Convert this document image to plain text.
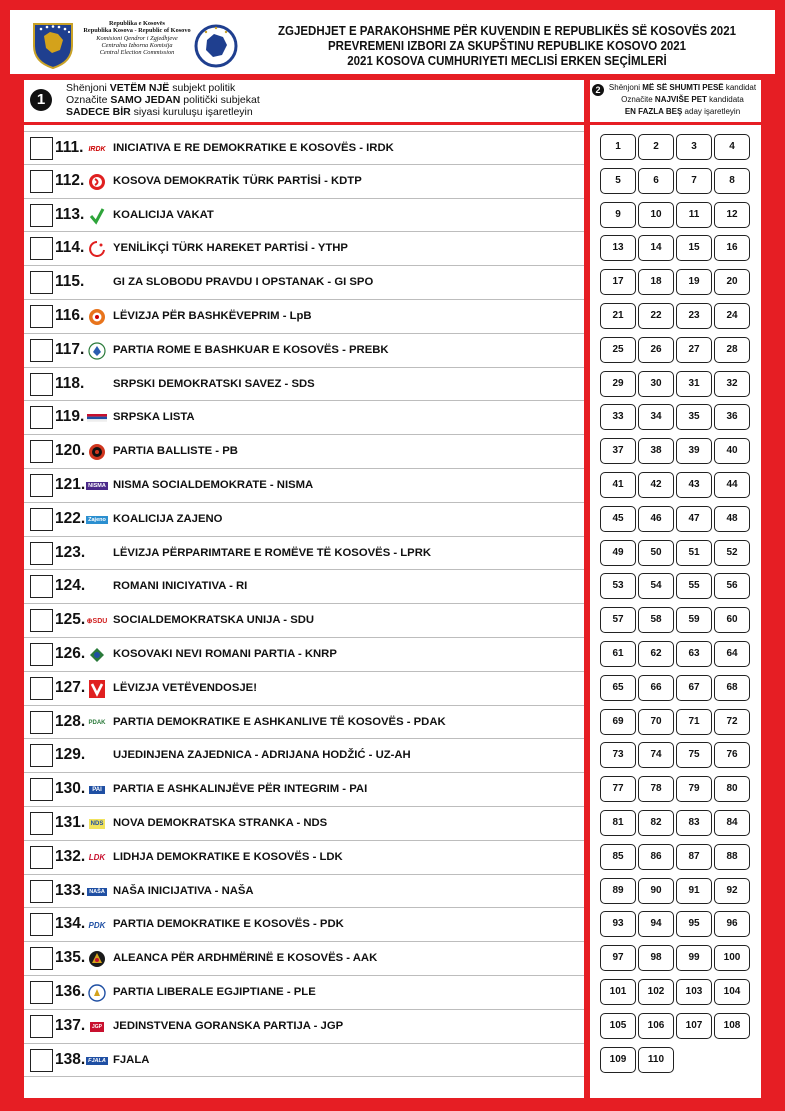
Republika e Kosovës
Republika Kosova - Republic of Kosovo
Komisioni Qendror i Zgjedhjeve
Centralna Izborna Komisija
Central Election Commission
ZGJEDHJET E PARAKOHSHME PËR KUVENDIN E REPUBLIKËS SË KOSOVËS 2021
PREVREMENI IZBORI ZA SKUPŠTINU REPUBLIKE KOSOVO 2021
2021 KOSOVA CUMHURIYETI MECLISİ ERKEN SEÇİMLERİ
1
Shënjoni VETËM NJË subjekt politik
Označite SAMO JEDAN politički subjekat
SADECE BİR siyasi kuruluşu işaretleyin
2	Shënjoni MË SË SHUMTI PESË kandidat
Označite NAJVIŠE PET kandidata
EN FAZLA BEŞ aday işaretleyin
111. IRDK INICIATIVA E RE DEMOKRATIKE E KOSOVËS - IRDK
112.	KOSOVA DEMOKRATİK TÜRK PARTİSİ - KDTP
113.	KOALICIJA VAKAT
114.	YENİLİKÇİ TÜRK HAREKET PARTİSİ - YTHP
115.	GI ZA SLOBODU PRAVDU I OPSTANAK - GI SPO
116.	LËVIZJA PËR BASHKËVEPRIM - LpB
117.	PARTIA ROME E BASHKUAR E KOSOVËS - PREBK
118.	SRPSKI DEMOKRATSKI SAVEZ - SDS
119.	SRPSKA LISTA
120.	PARTIA BALLISTE - PB
121. NISMA NISMA SOCIALDEMOKRATE - NISMA
122. Zajeno KOALICIJA ZAJENO
123.	LËVIZJA PËRPARIMTARE E ROMËVE TË KOSOVËS - LPRK
124.	ROMANI INICIYATIVA - RI
125. ⊕SDU SOCIALDEMOKRATSKA UNIJA - SDU
126.	KOSOVAKI NEVI ROMANI PARTIA - KNRP
127.	LËVIZJA VETËVENDOSJE!
128. PDAK PARTIA DEMOKRATIKE E ASHKANLIVE TË KOSOVËS - PDAK
129.	UJEDINJENA ZAJEDNICA - ADRIJANA HODŽIĆ - UZ-AH
130.	PAI PARTIA E ASHKALINJËVE PËR INTEGRIM - PAI
131. NDS NOVA DEMOKRATSKA STRANKA - NDS
132. LDK LIDHJA DEMOKRATIKE E KOSOVËS - LDK
133. NAŠA NAŠA INICIJATIVA - NAŠA
134. PDK PARTIA DEMOKRATIKE E KOSOVËS - PDK
135.	ALEANCA PËR ARDHMËRINË E KOSOVËS - AAK
136.	PARTIA LIBERALE EGJIPTIANE - PLE
137.	JGP JEDINSTVENA GORANSKA PARTIJA - JGP
138. FJALA FJALA
1	2	3	4
5	6	7	8
9	10	11	12
13	14	15	16
17	18	19	20
21	22	23	24
25	26	27	28
29	30	31	32
33	34	35	36
37	38	39	40
41	42	43	44
45	46	47	48
49	50	51	52
53	54	55	56
57	58	59	60
61	62	63	64
65	66	67	68
69	70	71	72
73	74	75	76
77	78	79	80
81	82	83	84
85	86	87	88
89	90	91	92
93	94	95	96
97	98	99	100
101	102	103	104
105	106	107	108
109	110
